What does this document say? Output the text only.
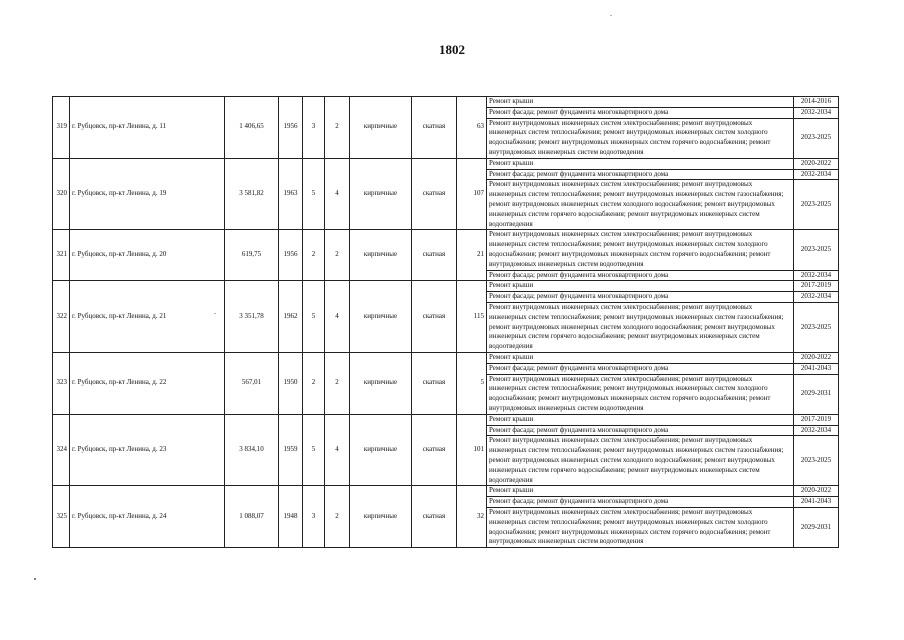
1802
319	г. Рубцовск, пр-кт Ленина, д. 11	1 406,65	1956	3	2	кирпичные	скатная	63	Ремонт крыши	2014-2016
									Ремонт фасада; ремонт фундамента многоквартирного дома	2032-2034
									Ремонт внутридомовых инженерных систем электроснабжения; ремонт внутридомовых инженерных систем теплоснабжения; ремонт внутридомовых инженерных систем холодного водоснабжения; ремонт внутридомовых инженерных систем горячего водоснабжения; ремонт внутридомовых инженерных систем водоотведения	2023-2025
320	г. Рубцовск, пр-кт Ленина, д. 19	3 581,82	1963	5	4	кирпичные	скатная	107	Ремонт крыши	2020-2022
									Ремонт фасада; ремонт фундамента многоквартирного дома	2032-2034
									Ремонт внутридомовых инженерных систем электроснабжения; ремонт внутридомовых инженерных систем теплоснабжения; ремонт внутридомовых инженерных систем газоснабжения; ремонт внутридомовых инженерных систем холодного водоснабжения; ремонт внутридомовых инженерных систем горячего водоснабжения; ремонт внутридомовых инженерных систем водоотведения	2023-2025
321	г. Рубцовск, пр-кт Ленина, д. 20	619,75	1956	2	2	кирпичные	скатная	21	Ремонт внутридомовых инженерных систем электроснабжения; ремонт внутридомовых инженерных систем теплоснабжения; ремонт внутридомовых инженерных систем холодного водоснабжения; ремонт внутридомовых инженерных систем горячего водоснабжения; ремонт внутридомовых инженерных систем водоотведения	2023-2025
									Ремонт фасада; ремонт фундамента многоквартирного дома	2032-2034
322	г. Рубцовск, пр-кт Ленина, д. 21	3 351,78	1962	5	4	кирпичные	скатная	115	Ремонт крыши	2017-2019
									Ремонт фасада; ремонт фундамента многоквартирного дома	2032-2034
									Ремонт внутридомовых инженерных систем электроснабжения; ремонт внутридомовых инженерных систем теплоснабжения; ремонт внутридомовых инженерных систем газоснабжения; ремонт внутридомовых инженерных систем холодного водоснабжения; ремонт внутридомовых инженерных систем горячего водоснабжения; ремонт внутридомовых инженерных систем водоотведения	2023-2025
323	г. Рубцовск, пр-кт Ленина, д. 22	567,01	1950	2	2	кирпичные	скатная	5	Ремонт крыши	2020-2022
									Ремонт фасада; ремонт фундамента многоквартирного дома	2041-2043
									Ремонт внутридомовых инженерных систем электроснабжения; ремонт внутридомовых инженерных систем теплоснабжения; ремонт внутридомовых инженерных систем холодного водоснабжения; ремонт внутридомовых инженерных систем горячего водоснабжения; ремонт внутридомовых инженерных систем водоотведения	2029-2031
324	г. Рубцовск, пр-кт Ленина, д. 23	3 834,10	1959	5	4	кирпичные	скатная	101	Ремонт крыши	2017-2019
									Ремонт фасада; ремонт фундамента многоквартирного дома	2032-2034
									Ремонт внутридомовых инженерных систем электроснабжения; ремонт внутридомовых инженерных систем теплоснабжения; ремонт внутридомовых инженерных систем газоснабжения; ремонт внутридомовых инженерных систем холодного водоснабжения; ремонт внутридомовых инженерных систем горячего водоснабжения; ремонт внутридомовых инженерных систем водоотведения	2023-2025
325	г. Рубцовск, пр-кт Ленина, д. 24	1 088,07	1948	3	2	кирпичные	скатная	32	Ремонт крыши	2020-2022
									Ремонт фасада; ремонт фундамента многоквартирного дома	2041-2043
									Ремонт внутридомовых инженерных систем электроснабжения; ремонт внутридомовых инженерных систем теплоснабжения; ремонт внутридомовых инженерных систем холодного водоснабжения; ремонт внутридомовых инженерных систем горячего водоснабжения; ремонт внутридомовых инженерных систем водоотведения	2029-2031
